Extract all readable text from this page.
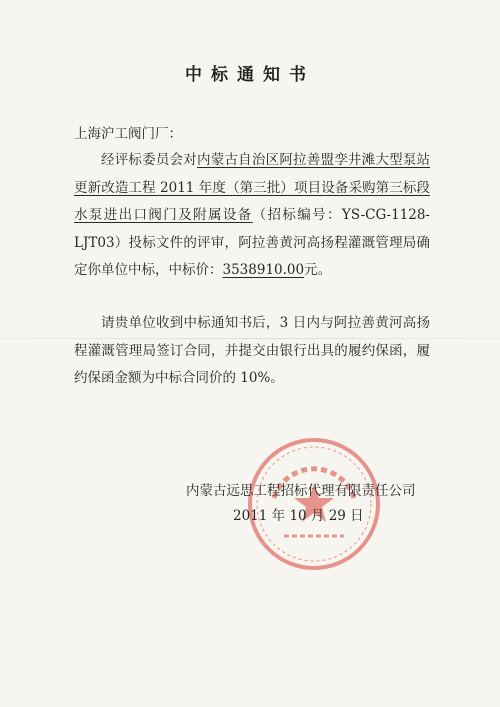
中标通知书
上海沪工阀门厂：
经评标委员会对内蒙古自治区阿拉善盟孪井滩大型泵站更新改造工程 2011 年度（第三批）项目设备采购第三标段水泵进出口阀门及附属设备（招标编号：YS-CG-1128-LJT03）投标文件的评审，阿拉善黄河高扬程灌溉管理局确定你单位中标，中标价：3538910.00元。
请贵单位收到中标通知书后，3 日内与阿拉善黄河高扬程灌溉管理局签订合同，并提交由银行出具的履约保函，履约保函金额为中标合同价的 10%。
内蒙古远思工程招标代理有限责任公司
2011 年 10 月 29 日
